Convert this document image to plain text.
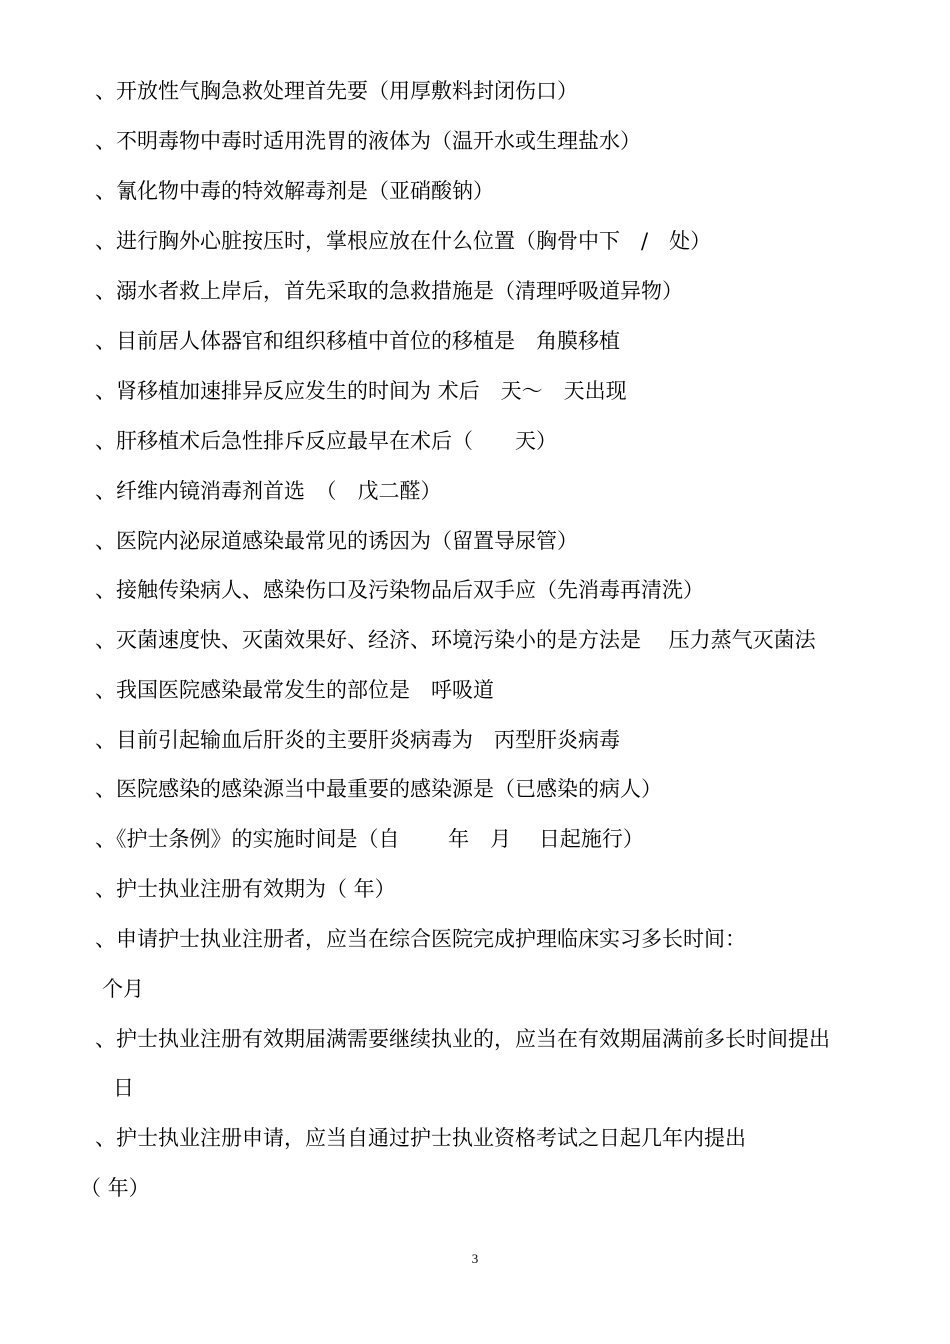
、开放性气胸急救处理首先要（用厚敷料封闭伤口）

、不明毒物中毒时适用洗胃的液体为（温开水或生理盐水）

、氰化物中毒的特效解毒剂是（亚硝酸钠）

、进行胸外心脏按压时，掌根应放在什么位置（胸骨中下　/　处）

、溺水者救上岸后，首先采取的急救措施是（清理呼吸道异物）

、目前居人体器官和组织移植中首位的移植是　角膜移植

、肾移植加速排异反应发生的时间为 术后　天～　天出现

、肝移植术后急性排斥反应最早在术后（　　天）

、纤维内镜消毒剂首选　（　戊二醛）

、医院内泌尿道感染最常见的诱因为（留置导尿管）

、接触传染病人、感染伤口及污染物品后双手应（先消毒再清洗）

、灭菌速度快、灭菌效果好、经济、环境污染小的是方法是　 压力蒸气灭菌法

、我国医院感染最常发生的部位是　呼吸道

、目前引起输血后肝炎的主要肝炎病毒为　丙型肝炎病毒

、医院感染的感染源当中最重要的感染源是（已感染的病人）

、《护士条例》的实施时间是（自　　 年　月　 日起施行）

、护士执业注册有效期为（ 年）

、申请护士执业注册者，应当在综合医院完成护理临床实习多长时间：

个月

、护士执业注册有效期届满需要继续执业的，应当在有效期届满前多长时间提出

日

、护士执业注册申请，应当自通过护士执业资格考试之日起几年内提出

（ 年）

3
